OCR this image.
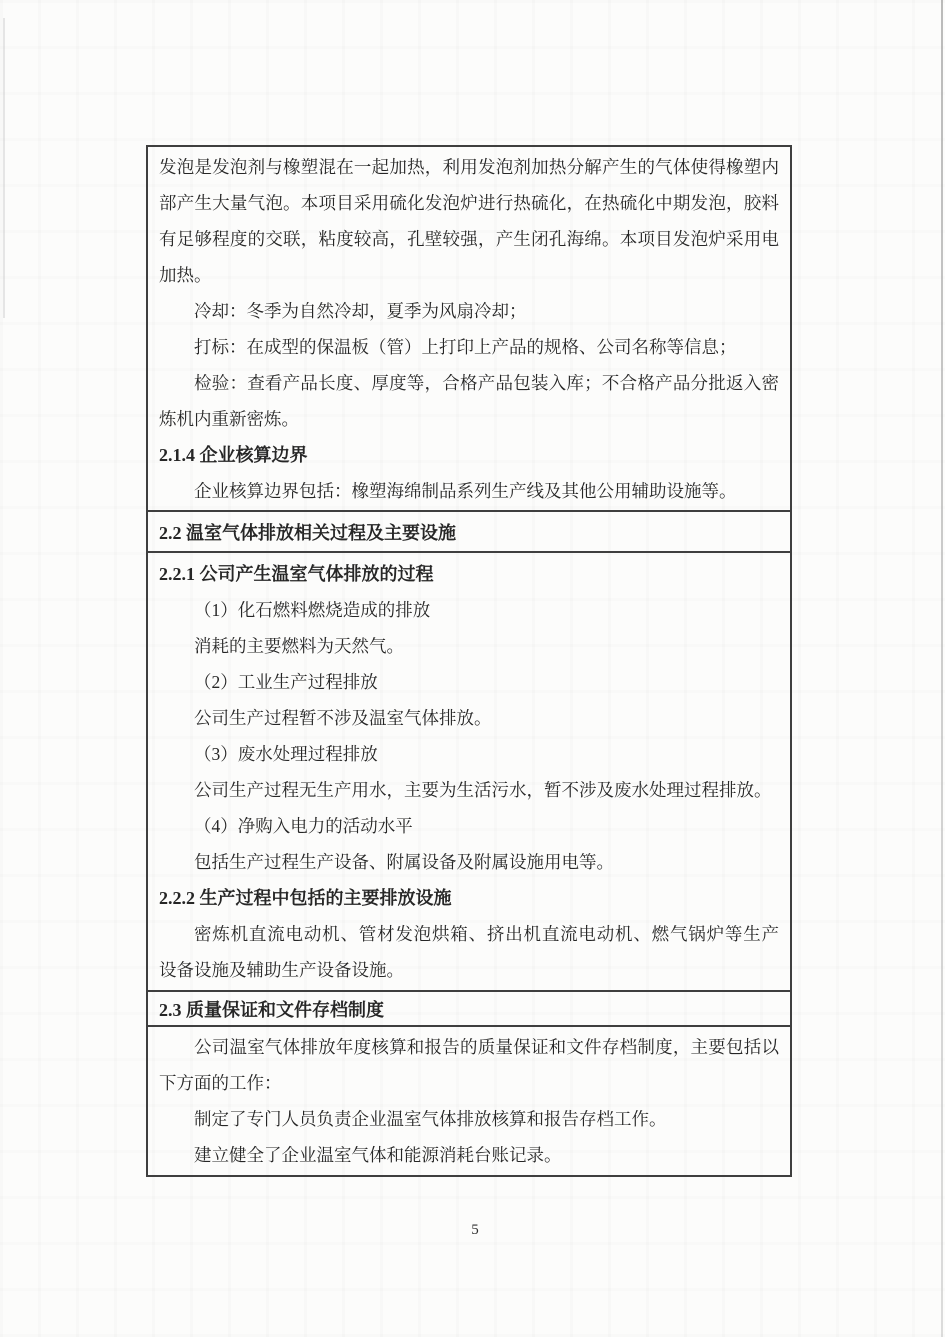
发泡是发泡剂与橡塑混在一起加热，利用发泡剂加热分解产生的气体使得橡塑内
部产生大量气泡。本项目采用硫化发泡炉进行热硫化，在热硫化中期发泡，胶料
有足够程度的交联，粘度较高，孔壁较强，产生闭孔海绵。本项目发泡炉采用电
加热。
冷却：冬季为自然冷却，夏季为风扇冷却；
打标：在成型的保温板（管）上打印上产品的规格、公司名称等信息；
检验：查看产品长度、厚度等，合格产品包装入库；不合格产品分批返入密
炼机内重新密炼。
2.1.4 企业核算边界
企业核算边界包括：橡塑海绵制品系列生产线及其他公用辅助设施等。
2.2 温室气体排放相关过程及主要设施
2.2.1 公司产生温室气体排放的过程
（1）化石燃料燃烧造成的排放
消耗的主要燃料为天然气。
（2）工业生产过程排放
公司生产过程暂不涉及温室气体排放。
（3）废水处理过程排放
公司生产过程无生产用水，主要为生活污水，暂不涉及废水处理过程排放。
（4）净购入电力的活动水平
包括生产过程生产设备、附属设备及附属设施用电等。
2.2.2 生产过程中包括的主要排放设施
密炼机直流电动机、管材发泡烘箱、挤出机直流电动机、燃气锅炉等生产
设备设施及辅助生产设备设施。
2.3 质量保证和文件存档制度
公司温室气体排放年度核算和报告的质量保证和文件存档制度，主要包括以
下方面的工作：
制定了专门人员负责企业温室气体排放核算和报告存档工作。
建立健全了企业温室气体和能源消耗台账记录。
5
